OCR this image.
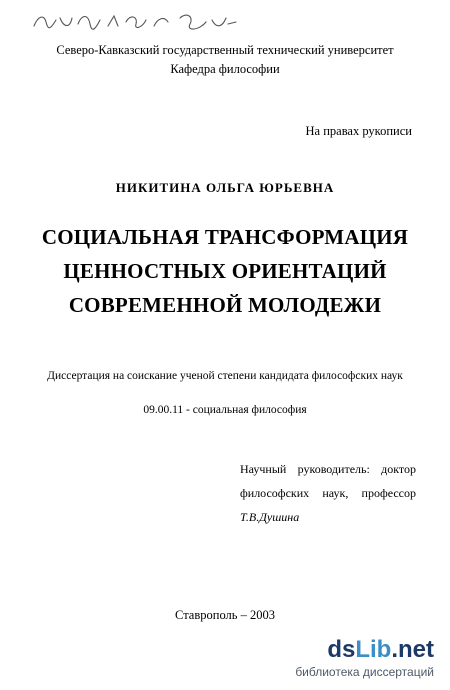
Северо-Кавказский государственный технический университет
Кафедра философии
На правах рукописи
НИКИТИНА ОЛЬГА ЮРЬЕВНА
СОЦИАЛЬНАЯ ТРАНСФОРМАЦИЯ
ЦЕННОСТНЫХ ОРИЕНТАЦИЙ
СОВРЕМЕННОЙ МОЛОДЕЖИ
Диссертация на соискание ученой степени кандидата философских наук
09.00.11 - социальная философия
Научный руководитель: доктор
философских наук, профессор
Т.В.Душина
Ставрополь – 2003
dsLib.net
библиотека диссертаций
